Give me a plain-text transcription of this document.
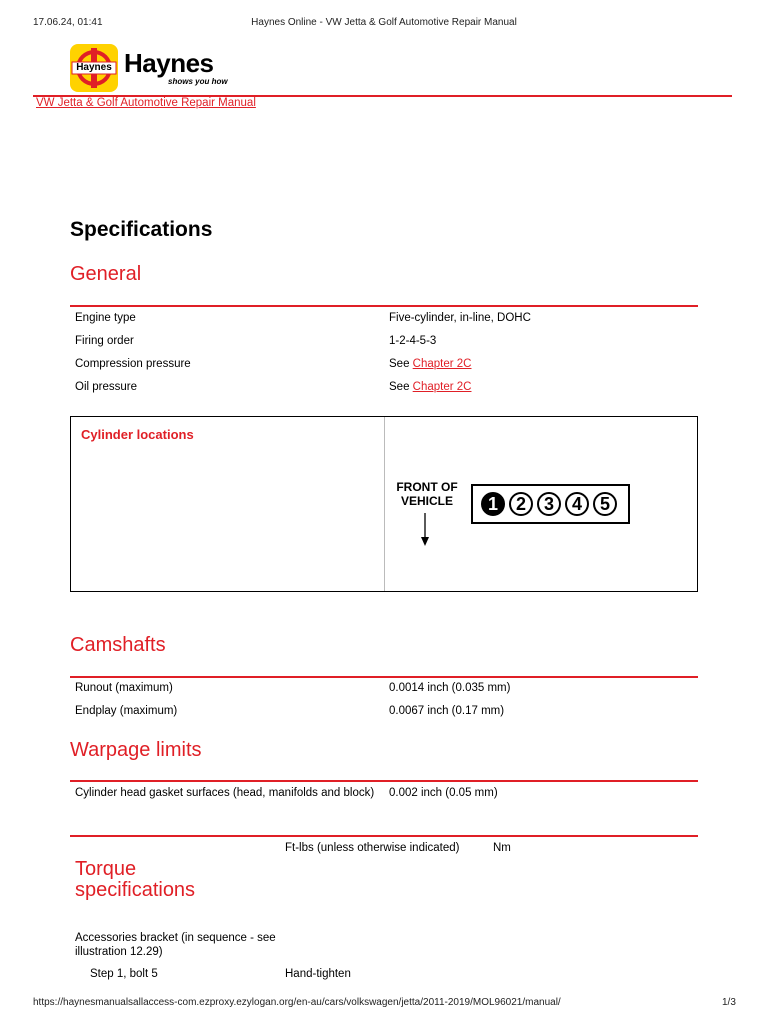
17.06.24, 01:41	Haynes Online - VW Jetta & Golf Automotive Repair Manual
Haynes Haynes
shows you how
VW Jetta & Golf Automotive Repair Manual
Specifications
General
Engine type	Five-cylinder, in-line, DOHC
Firing order	1-2-4-5-3
Compression pressure	See Chapter 2C
Oil pressure	See Chapter 2C
Cylinder locations
FRONT OF
VEHICLE	1 2 3 4 5
Camshafts
Runout (maximum)	0.0014 inch (0.035 mm)
Endplay (maximum)	0.0067 inch (0.17 mm)
Warpage limits
Cylinder head gasket surfaces (head, manifolds and block) 0.002 inch (0.05 mm)
Ft-lbs (unless otherwise indicated)	Nm
Torque
specifications
Accessories bracket (in sequence - see illustration 12.29)
Step 1, bolt 5	Hand-tighten
https://haynesmanualsallaccess-com.ezproxy.ezylogan.org/en-au/cars/volkswagen/jetta/2011-2019/MOL96021/manual/	1/3
